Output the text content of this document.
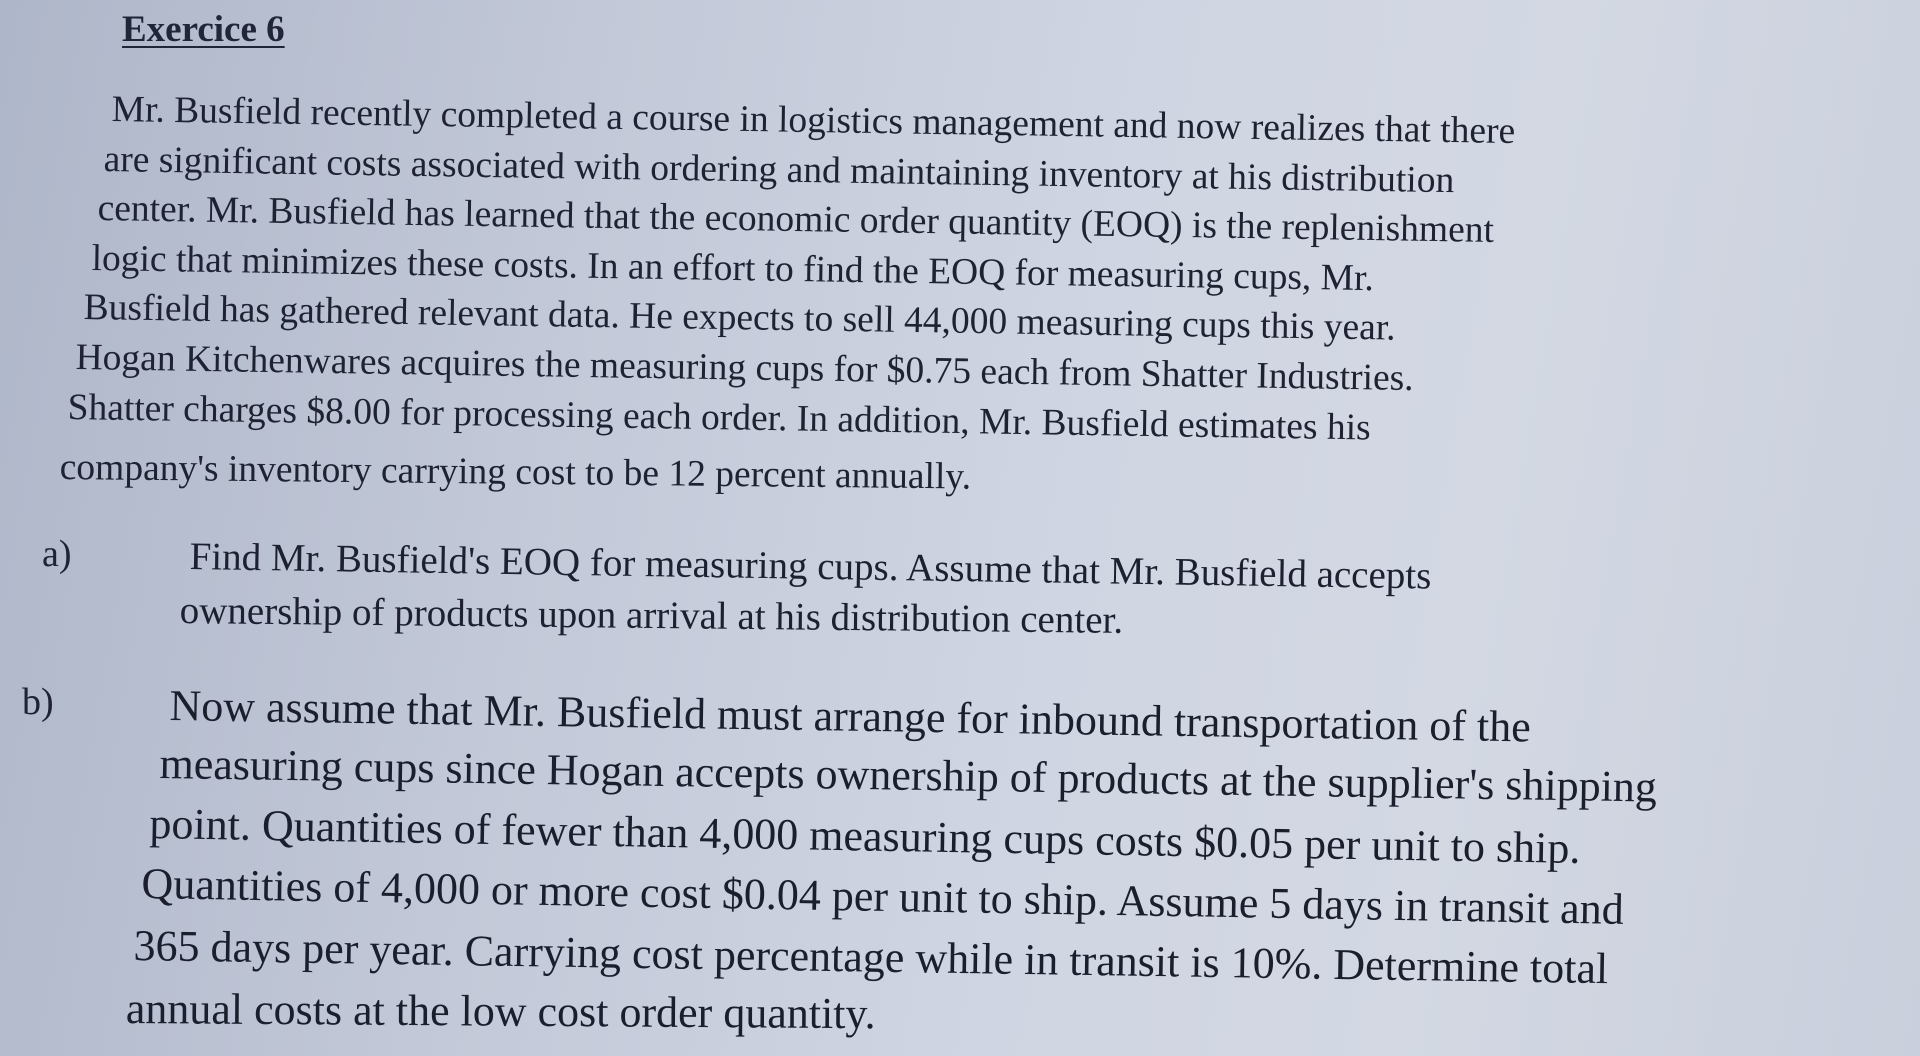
Exercice 6
Mr. Busfield recently completed a course in logistics management and now realizes that there
are significant costs associated with ordering and maintaining inventory at his distribution
center. Mr. Busfield has learned that the economic order quantity (EOQ) is the replenishment
logic that minimizes these costs. In an effort to find the EOQ for measuring cups, Mr.
Busfield has gathered relevant data. He expects to sell 44,000 measuring cups this year.
Hogan Kitchenwares acquires the measuring cups for $0.75 each from Shatter Industries.
Shatter charges $8.00 for processing each order. In addition, Mr. Busfield estimates his
company's inventory carrying cost to be 12 percent annually.
a)	Find Mr. Busfield's EOQ for measuring cups. Assume that Mr. Busfield accepts
ownership of products upon arrival at his distribution center.
b)	Now assume that Mr. Busfield must arrange for inbound transportation of the
measuring cups since Hogan accepts ownership of products at the supplier's shipping
point. Quantities of fewer than 4,000 measuring cups costs $0.05 per unit to ship.
Quantities of 4,000 or more cost $0.04 per unit to ship. Assume 5 days in transit and
365 days per year. Carrying cost percentage while in transit is 10%. Determine total
annual costs at the low cost order quantity.
